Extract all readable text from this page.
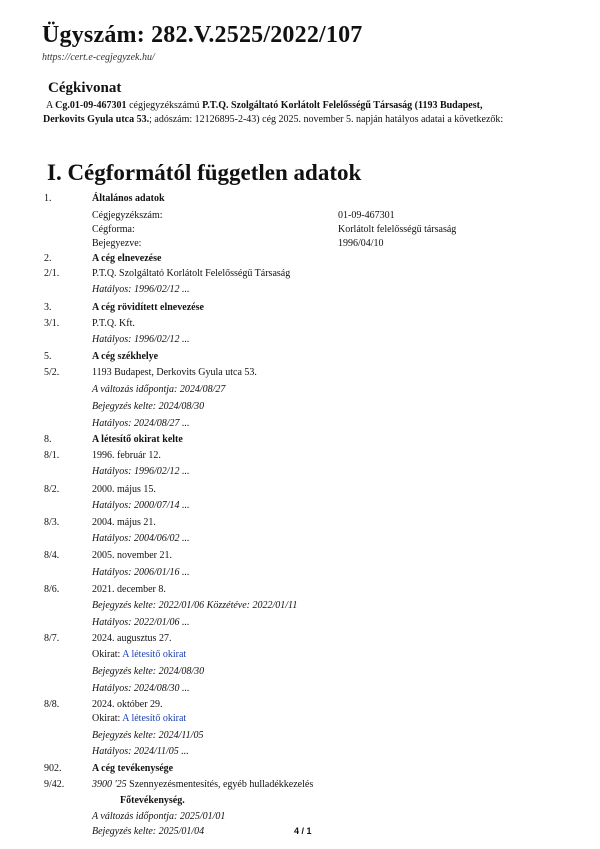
Ügyszám: 282.V.2525/2022/107
https://cert.e-cegjegyzek.hu/
Cégkivonat
A Cg.01-09-467301 cégjegyzékszámú P.T.Q. Szolgáltató Korlátolt Felelősségű Társaság (1193 Budapest,
Derkovits Gyula utca 53.; adószám: 12126895-2-43) cég 2025. november 5. napján hatályos adatai a következők:
I. Cégformától független adatok
1.	Általános adatok
Cégjegyzékszám:	01-09-467301
Cégforma:	Korlátolt felelősségű társaság
Bejegyezve:	1996/04/10
2.	A cég elnevezése
2/1.	P.T.Q. Szolgáltató Korlátolt Felelősségű Társaság
Hatályos: 1996/02/12 ...
3.	A cég rövidített elnevezése
3/1.	P.T.Q. Kft.
Hatályos: 1996/02/12 ...
5.	A cég székhelye
5/2.	1193 Budapest, Derkovits Gyula utca 53.
A változás időpontja: 2024/08/27
Bejegyzés kelte: 2024/08/30
Hatályos: 2024/08/27 ...
8.	A létesítő okirat kelte
8/1.	1996. február 12.
Hatályos: 1996/02/12 ...
8/2.	2000. május 15.
Hatályos: 2000/07/14 ...
8/3.	2004. május 21.
Hatályos: 2004/06/02 ...
8/4.	2005. november 21.
Hatályos: 2006/01/16 ...
8/6.	2021. december 8.
Bejegyzés kelte: 2022/01/06 Közzétéve: 2022/01/11
Hatályos: 2022/01/06 ...
8/7.	2024. augusztus 27.
Okirat: A létesítő okirat
Bejegyzés kelte: 2024/08/30
Hatályos: 2024/08/30 ...
8/8.	2024. október 29.
Okirat: A létesítő okirat
Bejegyzés kelte: 2024/11/05
Hatályos: 2024/11/05 ...
902.	A cég tevékenysége
9/42.	3900 '25 Szennyezésmentesítés, egyéb hulladékkezelés
Főtevékenység.
A változás időpontja: 2025/01/01
Bejegyzés kelte: 2025/01/04	4 / 1
